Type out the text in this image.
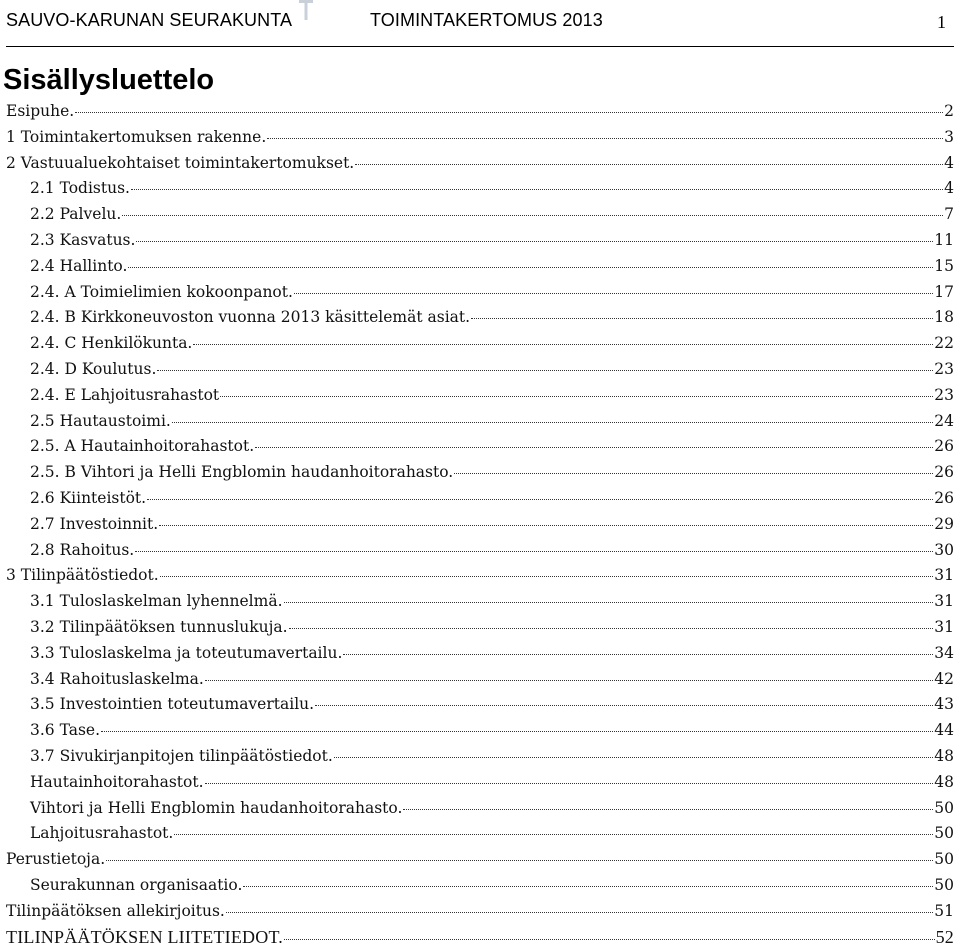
SAUVO-KARUNAN SEURAKUNTA	TOIMINTAKERTOMUS 2013	1
Sisällysluettelo
Esipuhe.	2
1 Toimintakertomuksen rakenne.	3
2 Vastuualuekohtaiset toimintakertomukset.	4
2.1 Todistus.	4
2.2 Palvelu.	7
2.3 Kasvatus.	11
2.4 Hallinto.	15
2.4. A Toimielimien kokoonpanot.	17
2.4. B Kirkkoneuvoston vuonna 2013 käsittelemät asiat.	18
2.4. C Henkilökunta.	22
2.4. D Koulutus.	23
2.4. E Lahjoitusrahastot	23
2.5 Hautaustoimi.	24
2.5. A Hautainhoitorahastot.	26
2.5. B Vihtori ja Helli Engblomin haudanhoitorahasto.	26
2.6 Kiinteistöt.	26
2.7 Investoinnit.	29
2.8 Rahoitus.	30
3 Tilinpäätöstiedot.	31
3.1 Tuloslaskelman lyhennelmä.	31
3.2 Tilinpäätöksen tunnuslukuja.	31
3.3 Tuloslaskelma ja toteutumavertailu.	34
3.4 Rahoituslaskelma.	42
3.5 Investointien toteutumavertailu.	43
3.6 Tase.	44
3.7 Sivukirjanpitojen tilinpäätöstiedot.	48
Hautainhoitorahastot.	48
Vihtori ja Helli Engblomin haudanhoitorahasto.	50
Lahjoitusrahastot.	50
Perustietoja.	50
Seurakunnan organisaatio.	50
Tilinpäätöksen allekirjoitus.	51
TILINPÄÄTÖKSEN LIITETIEDOT.	52
